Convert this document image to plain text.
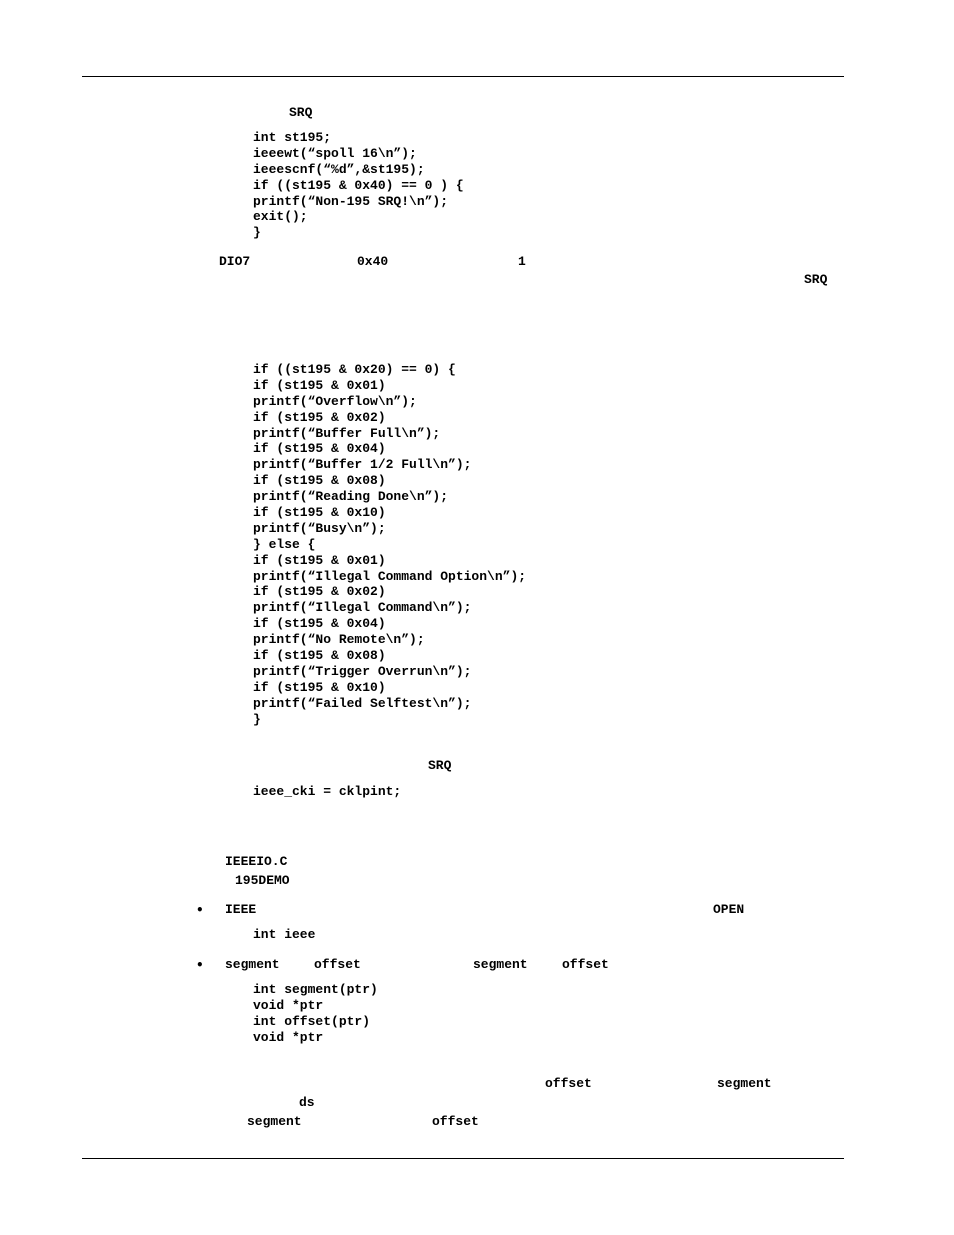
SRQ
int st195;
ieeewt(“spoll 16\n”);
ieeescnf(“%d”,&st195);
if ((st195 & 0x40) == 0 ) {
printf(“Non-195 SRQ!\n”);
exit();
}
DIO7	0x40	1
SRQ
if ((st195 & 0x20) == 0) {
if (st195 & 0x01)
printf(“Overflow\n”);
if (st195 & 0x02)
printf(“Buffer Full\n”);
if (st195 & 0x04)
printf(“Buffer 1/2 Full\n”);
if (st195 & 0x08)
printf(“Reading Done\n”);
if (st195 & 0x10)
printf(“Busy\n”);
} else {
if (st195 & 0x01)
printf(“Illegal Command Option\n”);
if (st195 & 0x02)
printf(“Illegal Command\n”);
if (st195 & 0x04)
printf(“No Remote\n”);
if (st195 & 0x08)
printf(“Trigger Overrun\n”);
if (st195 & 0x10)
printf(“Failed Selftest\n”);
}
SRQ
ieee_cki = cklpint;
IEEEIO.C
195DEMO
• IEEE	OPEN
int ieee
• segment	offset	segment	offset
int segment(ptr)
void *ptr
int offset(ptr)
void *ptr
offset	segment
ds
segment	offset
